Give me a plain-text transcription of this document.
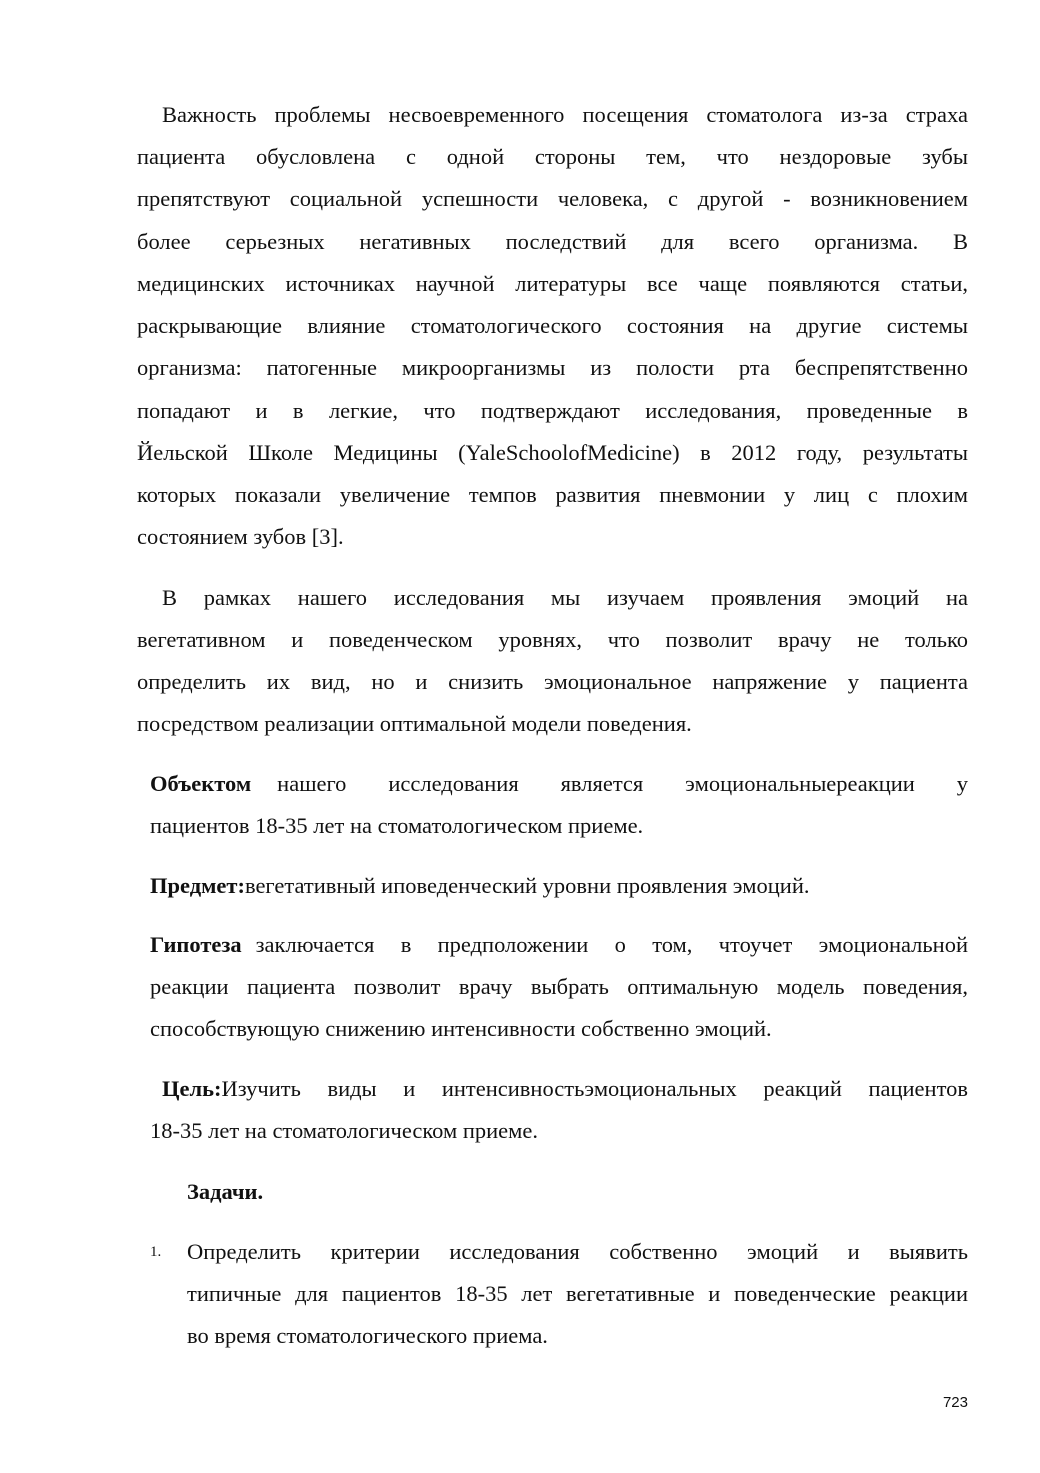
Важность проблемы несвоевременного посещения стоматолога из-за страха
пациента обусловлена с одной стороны тем, что нездоровые зубы
препятствуют социальной успешности человека, с другой - возникновением
более серьезных негативных последствий для всего организма. В
медицинских источниках научной литературы все чаще появляются статьи,
раскрывающие влияние стоматологического состояния на другие системы
организма: патогенные микроорганизмы из полости рта беспрепятственно
попадают и в легкие, что подтверждают исследования, проведенные в
Йельской Школе Медицины (YaleSchoolofMedicine) в 2012 году, результаты
которых показали увеличение темпов развития пневмонии у лиц с плохим
состоянием зубов [3].
В рамках нашего исследования мы изучаем проявления эмоций на
вегетативном и поведенческом уровнях, что позволит врачу не только
определить их вид, но и снизить эмоциональное напряжение у пациента
посредством реализации оптимальной модели поведения.
Объектом нашего исследования является эмоциональныереакции у
пациентов 18-35 лет на стоматологическом приеме.
Предмет:вегетативный иповеденческий уровни проявления эмоций.
Гипотеза заключается в предположении о том, чтоучет эмоциональной
реакции пациента позволит врачу выбрать оптимальную модель поведения,
способствующую снижению интенсивности собственно эмоций.
Цель: Изучить виды и интенсивностьэмоциональных реакций пациентов
18-35 лет на стоматологическом приеме.
Задачи.
1. Определить критерии исследования собственно эмоций и выявить
типичные для пациентов 18-35 лет вегетативные и поведенческие реакции
во время стоматологического приема.
723
